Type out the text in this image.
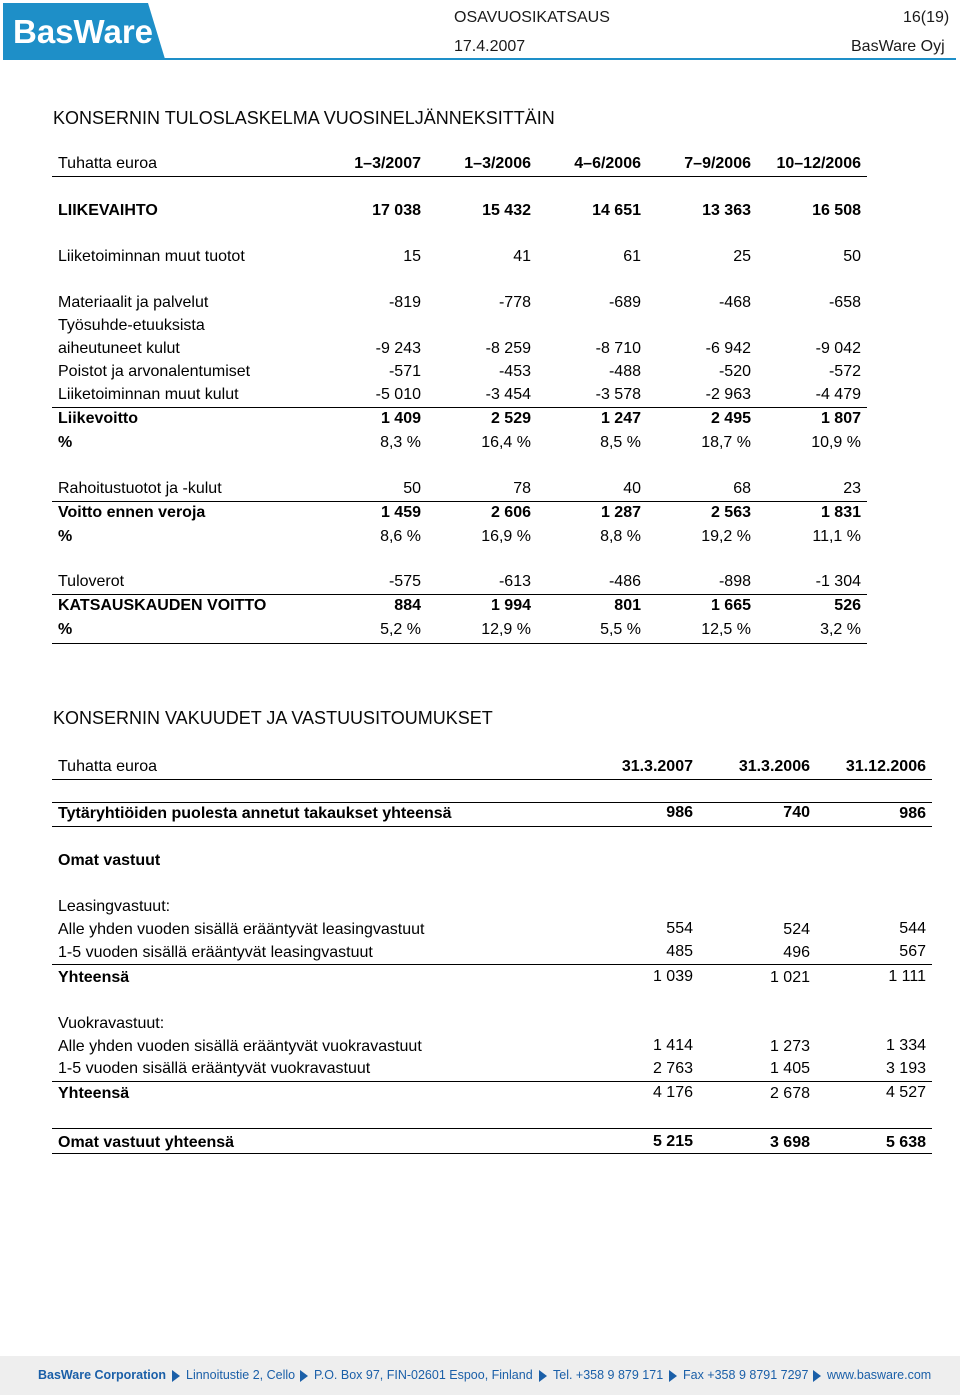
BasWare	OSAVUOSIKATSAUS	16(19)
17.4.2007	BasWare Oyj
KONSERNIN TULOSLASKELMA VUOSINELJÄNNEKSITTÄIN
Tuhatta euroa	1–3/2007	1–3/2006	4–6/2006	7–9/2006	10–12/2006
LIIKEVAIHTO	17 038	15 432	14 651	13 363	16 508
Liiketoiminnan muut tuotot	15	41	61	25	50
Materiaalit ja palvelut	-819	-778	-689	-468	-658
Työsuhde-etuuksista
aiheutuneet kulut	-9 243	-8 259	-8 710	-6 942	-9 042
Poistot ja arvonalentumiset	-571	-453	-488	-520	-572
Liiketoiminnan muut kulut	-5 010	-3 454	-3 578	-2 963	-4 479
Liikevoitto	1 409	2 529	1 247	2 495	1 807
%	8,3 %	16,4 %	8,5 %	18,7 %	10,9 %
Rahoitustuotot ja -kulut	50	78	40	68	23
Voitto ennen veroja	1 459	2 606	1 287	2 563	1 831
%	8,6 %	16,9 %	8,8 %	19,2 %	11,1 %
Tuloverot	-575	-613	-486	-898	-1 304
KATSAUSKAUDEN VOITTO	884	1 994	801	1 665	526
%	5,2 %	12,9 %	5,5 %	12,5 %	3,2 %
KONSERNIN VAKUUDET JA VASTUUSITOUMUKSET
Tuhatta euroa	31.3.2007	31.3.2006	31.12.2006
Tytäryhtiöiden puolesta annetut takaukset yhteensä	986	740	986
Omat vastuut
Leasingvastuut:
Alle yhden vuoden sisällä erääntyvät leasingvastuut	554	524	544
1-5 vuoden sisällä erääntyvät leasingvastuut	485	496	567
Yhteensä	1 039	1 021	1 111
Vuokravastuut:
Alle yhden vuoden sisällä erääntyvät vuokravastuut	1 414	1 273	1 334
1-5 vuoden sisällä erääntyvät vuokravastuut	2 763	1 405	3 193
Yhteensä	4 176	2 678	4 527
Omat vastuut yhteensä	5 215	3 698	5 638
BasWare Corporation Linnoitustie 2, Cello P.O. Box 97, FIN-02601 Espoo, Finland Tel. +358 9 879 171 Fax +358 9 8791 7297 www.basware.com
